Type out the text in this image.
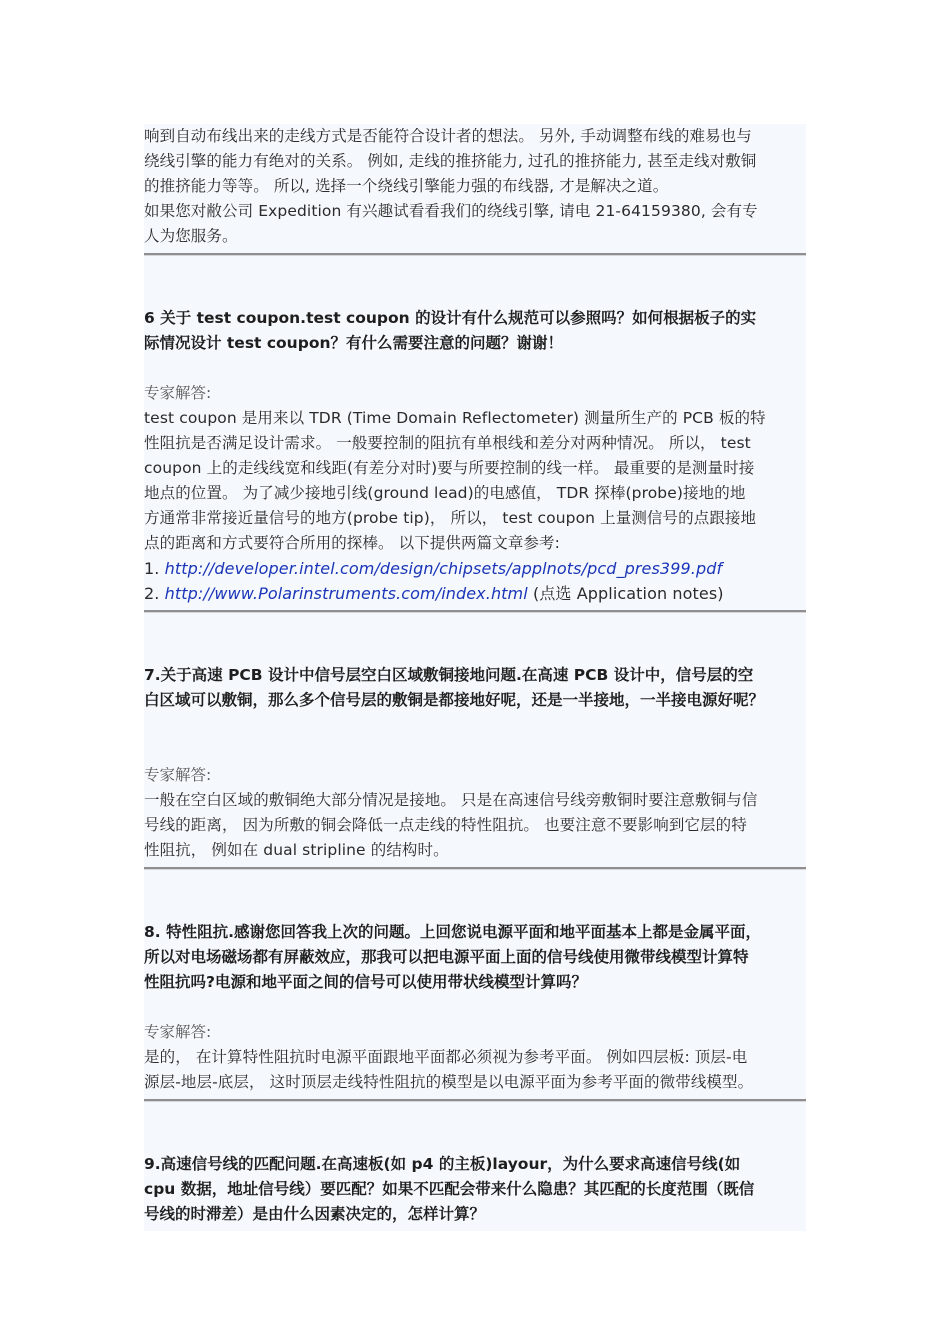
响到自动布线出来的走线方式是否能符合设计者的想法。 另外, 手动调整布线的难易也与
绕线引擎的能力有绝对的关系。 例如, 走线的推挤能力, 过孔的推挤能力, 甚至走线对敷铜
的推挤能力等等。 所以, 选择一个绕线引擎能力强的布线器, 才是解决之道。
如果您对敝公司 Expedition 有兴趣试看看我们的绕线引擎, 请电 21-64159380, 会有专
人为您服务。
6 关于 test coupon.test coupon 的设计有什么规范可以参照吗？如何根据板子的实
际情况设计 test coupon？有什么需要注意的问题？谢谢！
专家解答:
test coupon 是用来以 TDR (Time Domain Reflectometer) 测量所生产的 PCB 板的特
性阻抗是否满足设计需求。 一般要控制的阻抗有单根线和差分对两种情况。 所以， test
coupon 上的走线线宽和线距(有差分对时)要与所要控制的线一样。 最重要的是测量时接
地点的位置。 为了减少接地引线(ground lead)的电感值， TDR 探棒(probe)接地的地
方通常非常接近量信号的地方(probe tip)， 所以， test coupon 上量测信号的点跟接地
点的距离和方式要符合所用的探棒。 以下提供两篇文章参考:
1. http://developer.intel.com/design/chipsets/applnots/pcd_pres399.pdf
2. http://www.Polarinstruments.com/index.html (点选 Application notes)
7.关于高速 PCB 设计中信号层空白区域敷铜接地问题.在高速 PCB 设计中，信号层的空
白区域可以敷铜，那么多个信号层的敷铜是都接地好呢，还是一半接地，一半接电源好呢？
专家解答:
一般在空白区域的敷铜绝大部分情况是接地。 只是在高速信号线旁敷铜时要注意敷铜与信
号线的距离， 因为所敷的铜会降低一点走线的特性阻抗。 也要注意不要影响到它层的特
性阻抗， 例如在 dual stripline 的结构时。
8. 特性阻抗.感谢您回答我上次的问题。上回您说电源平面和地平面基本上都是金属平面，
所以对电场磁场都有屏蔽效应，那我可以把电源平面上面的信号线使用微带线模型计算特
性阻抗吗?电源和地平面之间的信号可以使用带状线模型计算吗？
专家解答:
是的， 在计算特性阻抗时电源平面跟地平面都必须视为参考平面。 例如四层板: 顶层-电
源层-地层-底层， 这时顶层走线特性阻抗的模型是以电源平面为参考平面的微带线模型。
9.高速信号线的匹配问题.在高速板(如 p4 的主板)layour，为什么要求高速信号线(如
cpu 数据，地址信号线）要匹配？如果不匹配会带来什么隐患？其匹配的长度范围（既信
号线的时滞差）是由什么因素决定的，怎样计算？
